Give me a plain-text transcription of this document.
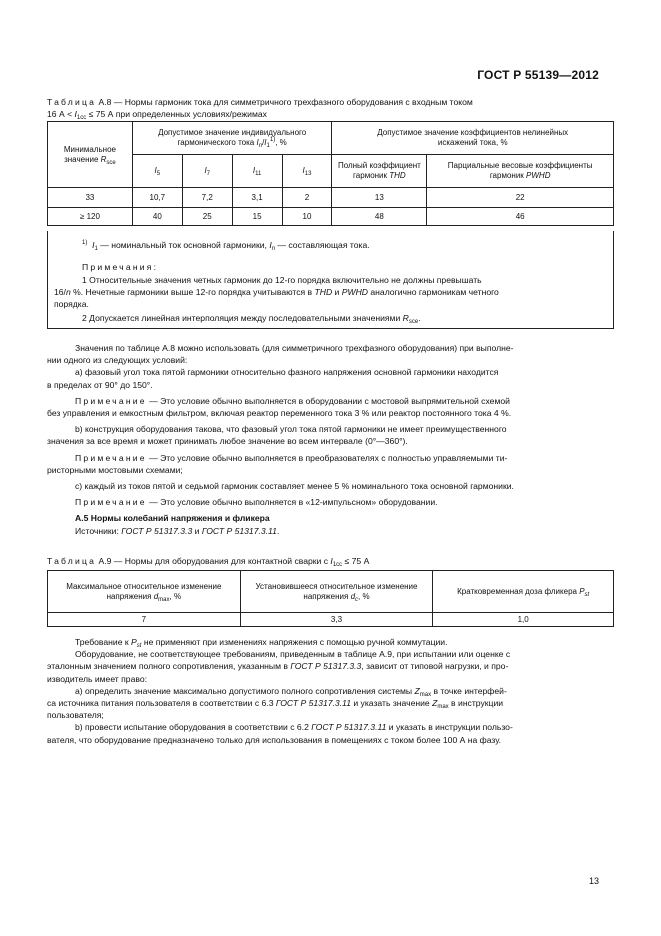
ГОСТ Р 55139—2012
Таблица А.8 — Нормы гармоник тока для симметричного трехфазного оборудования с входным током
16 $А < I_{1сс} \le 75$ А при определенных условиях/режимах
Минимальное
значение $R_{sce}$	Допустимое значение индивидуального гармонического тока $I_n/I_1^{1)}$, %				Допустимое значение коэффициентов нелинейных искажений тока, %	
	$I_5$	$I_7$	$I_{11}$	$I_{13}$	Полный коэффициент гармоник THD	Парциальные весовые коэффициенты гармоник PWHD
33	10,7	7,2	3,1	2	13	22
≥ 120	40	25	15	10	48	46
$^{1)}$ $I_1$ — номинальный ток основной гармоники, $I_n$ — составляющая тока.
Примечания:
1 Относительные значения четных гармоник до 12-го порядка включительно не должны превышать
16/n %. Нечетные гармоники выше 12-го порядка учитываются в THD и PWHD аналогично гармоникам четного
порядка.
2 Допускается линейная интерполяция между последовательными значениями $R_{sce}$.
Значения по таблице А.8 можно использовать (для симметричного трехфазного оборудования) при выполне-
нии одного из следующих условий:
а) фазовый угол тока пятой гармоники относительно фазного напряжения основной гармоники находится
в пределах от 90° до 150°.
Примечание — Это условие обычно выполняется в оборудовании с мостовой выпрямительной схемой
без управления и емкостным фильтром, включая реактор переменного тока 3 % или реактор постоянного тока 4 %.
b) конструкция оборудования такова, что фазовый угол тока пятой гармоники не имеет преимущественного
значения за все время и может принимать любое значение во всем интервале (0°—360°).
Примечание — Это условие обычно выполняется в преобразователях с полностью управляемыми ти-
ристорными мостовыми схемами;
с) каждый из токов пятой и седьмой гармоник составляет менее 5 % номинального тока основной гармоники.
Примечание — Это условие обычно выполняется в «12-импульсном» оборудовании.
А.5 Нормы колебаний напряжения и фликера
Источники: ГОСТ Р 51317.3.3 и ГОСТ Р 51317.3.11.
Таблица А.9 — Нормы для оборудования для контактной сварки с $I_{1сс} \le 75$ А
Максимальное относительное изменение напряжения $d_{max}$, %	Установившееся относительное изменение напряжения $d_c$, %	Кратковременная доза фликера $P_{st}$
7	3,3	1,0
Требование к $P_{st}$ не применяют при изменениях напряжения с помощью ручной коммутации.
Оборудование, не соответствующее требованиям, приведенным в таблице А.9, при испытании или оценке с
эталонным значением полного сопротивления, указанным в ГОСТ Р 51317.3.3, зависит от типовой нагрузки, и про-
изводитель имеет право:
а) определить значение максимально допустимого полного сопротивления системы $Z_{max}$ в точке интерфей-
са источника питания пользователя в соответствии с 6.3 ГОСТ Р 51317.3.11 и указать значение $Z_{max}$ в инструкции
пользователя;
b) провести испытание оборудования в соответствии с 6.2 ГОСТ Р 51317.3.11 и указать в инструкции пользо-
вателя, что оборудование предназначено только для использования в помещениях с током более 100 А на фазу.
13
